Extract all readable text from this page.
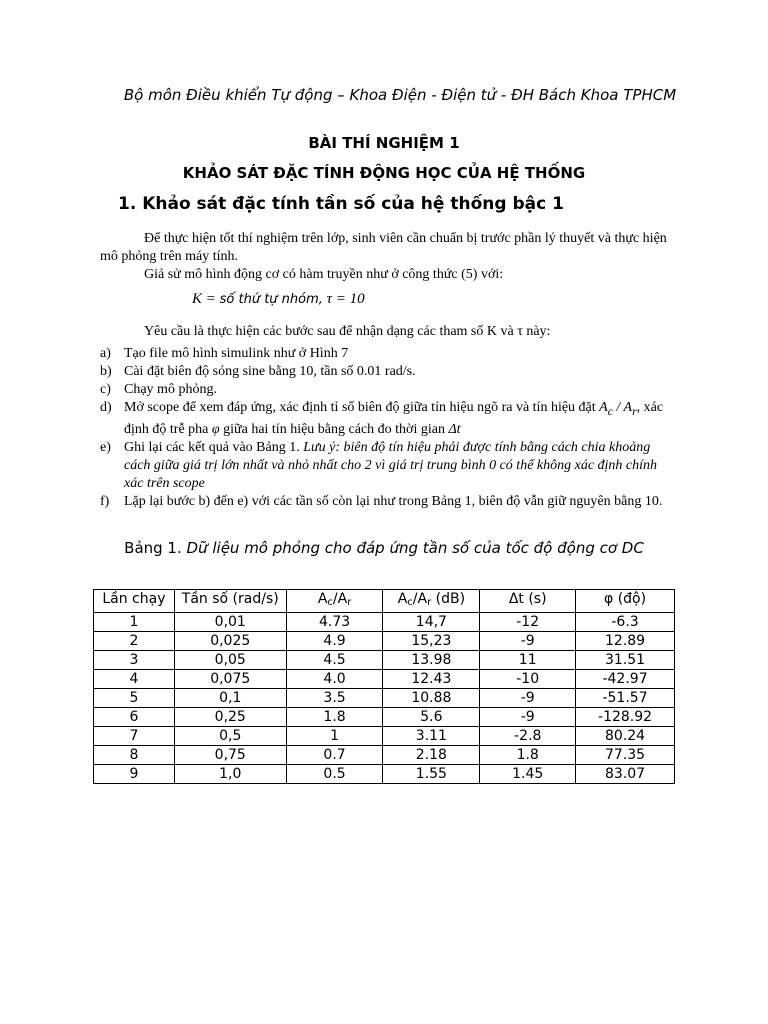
Bộ môn Điều khiển Tự động – Khoa Điện - Điện tử - ĐH Bách Khoa TPHCM
BÀI THÍ NGHIỆM 1
KHẢO SÁT ĐẶC TÍNH ĐỘNG HỌC CỦA HỆ THỐNG
1. Khảo sát đặc tính tần số của hệ thống bậc 1

Để thực hiện tốt thí nghiệm trên lớp, sinh viên cần chuẩn bị trước phần lý thuyết và thực hiện mô phỏng trên máy tính.

Giả sử mô hình động cơ có hàm truyền như ở công thức (5) với:

K = số thứ tự nhóm, τ = 10

Yêu cầu là thực hiện các bước sau để nhận dạng các tham số K và τ này:

a) Tạo file mô hình simulink như ở Hình 7
b) Cài đặt biên độ sóng sine bằng 10, tần số 0.01 rad/s.
c) Chạy mô phỏng.
d) Mở scope để xem đáp ứng, xác định tỉ số biên độ giữa tín hiệu ngõ ra và tín hiệu đặt $A_c / A_r$, xác định độ trễ pha φ giữa hai tín hiệu bằng cách đo thời gian Δt
e) Ghi lại các kết quả vào Bảng 1. Lưu ý: biên độ tín hiệu phải được tính bằng cách chia khoảng cách giữa giá trị lớn nhất và nhỏ nhất cho 2 vì giá trị trung bình 0 có thể không xác định chính xác trên scope
f)	Lặp lại bước b) đến e) với các tần số còn lại như trong Bảng 1, biên độ vẫn giữ nguyên bằng 10.
Bảng 1. Dữ liệu mô phỏng cho đáp ứng tần số của tốc độ động cơ DC
Lần chạy	Tần số (rad/s)	$A_c/A_r$	$A_c/A_r$ (dB)	Δt (s)	φ (độ)
1	0,01	4.73	14,7	-12	-6.3
2	0,025	4.9	15,23	-9	12.89
3	0,05	4.5	13.98	11	31.51
4	0,075	4.0	12.43	-10	-42.97
5	0,1	3.5	10.88	-9	-51.57
6	0,25	1.8	5.6	-9	-128.92
7	0,5	1	3.11	-2.8	80.24
8	0,75	0.7	2.18	1.8	77.35
9	1,0	0.5	1.55	1.45	83.07
